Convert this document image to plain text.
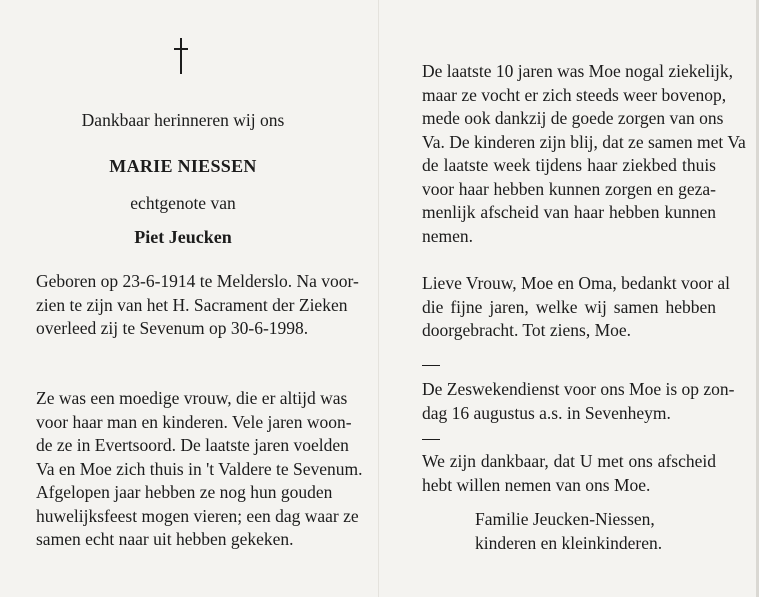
Dankbaar herinneren wij ons
MARIE NIESSEN
echtgenote van
Piet Jeucken
Geboren op 23-6-1914 te Melderslo. Na voor-
zien te zijn van het H. Sacrament der Zieken
overleed zij te Sevenum op 30-6-1998.
Ze was een moedige vrouw, die er altijd was
voor haar man en kinderen. Vele jaren woon-
de ze in Evertsoord. De laatste jaren voelden
Va en Moe zich thuis in 't Valdere te Sevenum.
Afgelopen jaar hebben ze nog hun gouden
huwelijksfeest mogen vieren; een dag waar ze
samen echt naar uit hebben gekeken.
De laatste 10 jaren was Moe nogal ziekelijk,
maar ze vocht er zich steeds weer bovenop,
mede ook dankzij de goede zorgen van ons
Va. De kinderen zijn blij, dat ze samen met Va
de laatste week tijdens haar ziekbed thuis
voor haar hebben kunnen zorgen en geza-
menlijk afscheid van haar hebben kunnen
nemen.
Lieve Vrouw, Moe en Oma, bedankt voor al
die fijne jaren, welke wij samen hebben
doorgebracht. Tot ziens, Moe.
De Zeswekendienst voor ons Moe is op zon-
dag 16 augustus a.s. in Sevenheym.
We zijn dankbaar, dat U met ons afscheid
hebt willen nemen van ons Moe.
Familie Jeucken-Niessen,
kinderen en kleinkinderen.
